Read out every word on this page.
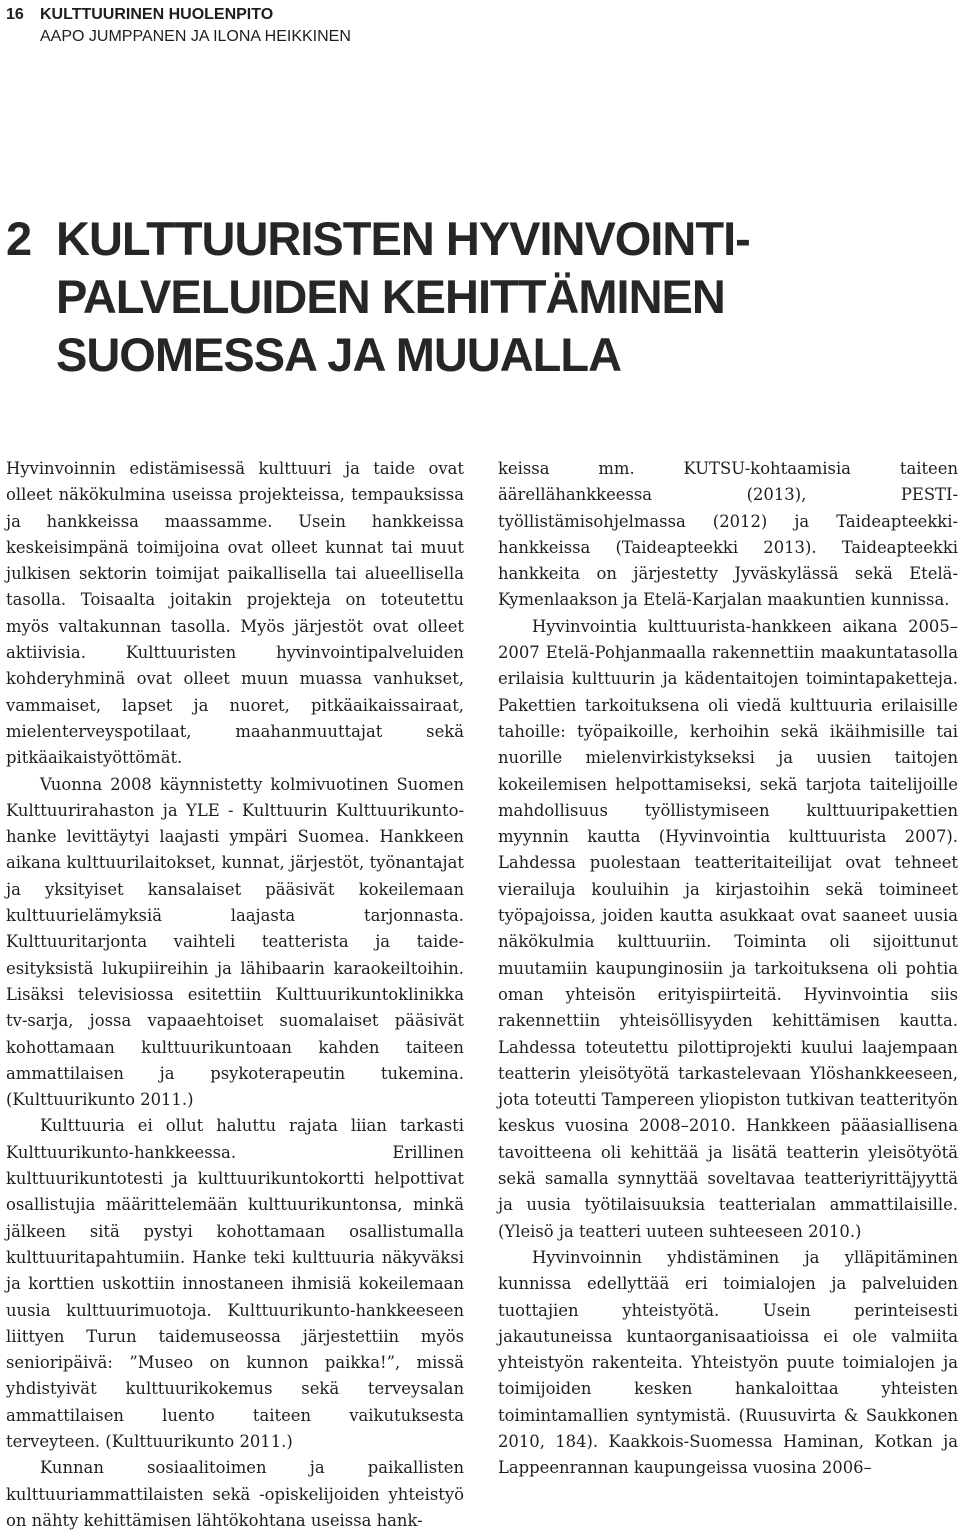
16 KULTTUURINEN HUOLENPITO
AAPO JUMPPANEN JA ILONA HEIKKINEN
2 KULTTUURISTEN HYVINVOINTI-
PALVELUIDEN KEHITTÄMINEN
SUOMESSA JA MUUALLA

Hyvinvoinnin edistämisessä kulttuuri ja taide ovat olleet näkökulmina useissa projekteissa, tempauksissa ja hankkeissa maassamme. Usein hankkeissa keskeisimpänä toimijoina ovat olleet kunnat tai muut julkisen sektorin toimijat paikallisella tai alueellisella tasolla. Toisaalta joitakin projekteja on toteutettu myös valtakunnan tasolla. Myös järjestöt ovat olleet aktiivisia. Kulttuuristen hyvinvointipalveluiden kohderyhminä ovat olleet muun muassa vanhukset, vammaiset, lapset ja nuoret, pitkäaikaissairaat, mielenterveyspotilaat, maahanmuuttajat sekä pitkäaikaistyöttömät.

Vuonna 2008 käynnistetty kolmivuotinen Suomen Kulttuurirahaston ja YLE - Kulttuurin Kulttuurikunto-hanke levittäytyi laajasti ympäri Suomea. Hankkeen aikana kulttuurilaitokset, kunnat, järjestöt, työnantajat ja yksityiset kansalaiset pääsivät kokeilemaan kulttuurielämyksiä laajasta tarjonnasta. Kulttuuritarjonta vaihteli teatterista ja taide-esityksistä lukupiireihin ja lähibaarin karaokeiltoihin. Lisäksi televisiossa esitettiin Kulttuurikuntoklinikka tv-sarja, jossa vapaaehtoiset suomalaiset pääsivät kohottamaan kulttuurikuntoaan kahden taiteen ammattilaisen ja psykoterapeutin tukemina. (Kulttuurikunto 2011.)

Kulttuuria ei ollut haluttu rajata liian tarkasti Kulttuurikunto-hankkeessa. Erillinen kulttuurikuntotesti ja kulttuurikuntokortti helpottivat osallistujia määrittelemään kulttuurikuntonsa, minkä jälkeen sitä pystyi kohottamaan osallistumalla kulttuuritapahtumiin. Hanke teki kulttuuria näkyväksi ja korttien uskottiin innostaneen ihmisiä kokeilemaan uusia kulttuurimuotoja. Kulttuurikunto-hankkeeseen liittyen Turun taidemuseossa järjestettiin myös senioripäivä: ”Museo on kunnon paikka!”, missä yhdistyivät kulttuurikokemus sekä terveysalan ammattilaisen luento taiteen vaikutuksesta terveyteen. (Kulttuurikunto 2011.)

Kunnan sosiaalitoimen ja paikallisten kulttuuriammattilaisten sekä -opiskelijoiden yhteistyö on nähty kehittämisen lähtökohtana useissa hank-

keissa mm. KUTSU-kohtaamisia taiteen äärellähankkeessa (2013), PESTI-työllistämisohjelmassa (2012) ja Taideapteekki- hankkeissa (Taideapteekki 2013). Taideapteekki hankkeita on järjestetty Jyväskylässä sekä Etelä-Kymenlaakson ja Etelä-Karjalan maakuntien kunnissa.

Hyvinvointia kulttuurista-hankkeen aikana 2005–2007 Etelä-Pohjanmaalla rakennettiin maakuntatasolla erilaisia kulttuurin ja kädentaitojen toimintapaketteja. Pakettien tarkoituksena oli viedä kulttuuria erilaisille tahoille: työpaikoille, kerhoihin sekä ikäihmisille tai nuorille mielenvirkistykseksi ja uusien taitojen kokeilemisen helpottamiseksi, sekä tarjota taitelijoille mahdollisuus työllistymiseen kulttuuripakettien myynnin kautta (Hyvinvointia kulttuurista 2007). Lahdessa puolestaan teatteritaiteilijat ovat tehneet vierailuja kouluihin ja kirjastoihin sekä toimineet työpajoissa, joiden kautta asukkaat ovat saaneet uusia näkökulmia kulttuuriin. Toiminta oli sijoittunut muutamiin kaupunginosiin ja tarkoituksena oli pohtia oman yhteisön erityispiirteitä. Hyvinvointia siis rakennettiin yhteisöllisyyden kehittämisen kautta. Lahdessa toteutettu pilottiprojekti kuului laajempaan teatterin yleisötyötä tarkastelevaan Ylöshankkeeseen, jota toteutti Tampereen yliopiston tutkivan teatterityön keskus vuosina 2008–2010. Hankkeen pääasiallisena tavoitteena oli kehittää ja lisätä teatterin yleisötyötä sekä samalla synnyttää soveltavaa teatteriyrittäjyyttä ja uusia työtilaisuuksia teatterialan ammattilaisille. (Yleisö ja teatteri uuteen suhteeseen 2010.)

Hyvinvoinnin yhdistäminen ja ylläpitäminen kunnissa edellyttää eri toimialojen ja palveluiden tuottajien yhteistyötä. Usein perinteisesti jakautuneissa kuntaorganisaatioissa ei ole valmiita yhteistyön rakenteita. Yhteistyön puute toimialojen ja toimijoiden kesken hankaloittaa yhteisten toimintamallien syntymistä. (Ruusuvirta & Saukkonen 2010, 184). Kaakkois-Suomessa Haminan, Kotkan ja Lappeenrannan kaupungeissa vuosina 2006–
